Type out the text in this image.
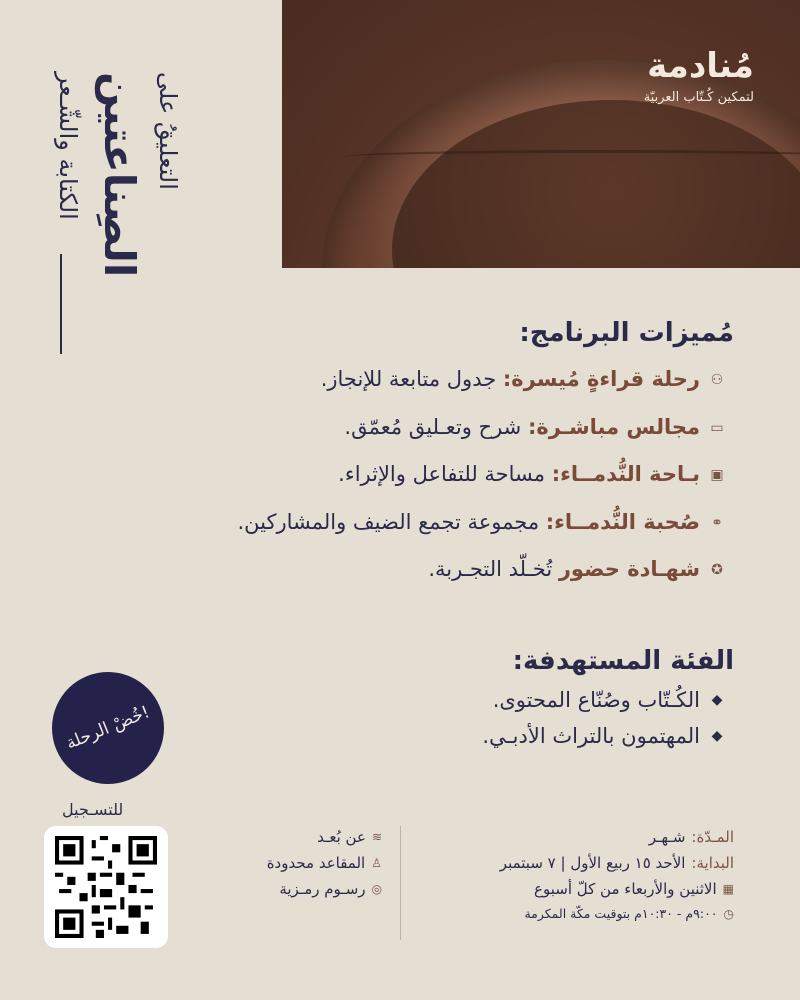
مُنادمة
لتمكين كُـتّاب العربيّة
التعليقُ على
الصِناعتين
الكتابة والشّـعر
مُميزات البرنامج:
⚇
رحلة قراءةٍ مُيسرة: جدول متابعة للإنجاز.
▭
مجالس مباشـرة: شرح وتعـليق مُعمّق.
▣
بـاحة النُّدمــاء: مساحة للتفاعل والإثراء.
⚭
صُحبة النُّدمــاء: مجموعة تجمع الضيف والمشاركين.
✪
شهـادة حضور تُخـلّد التجـربة.
الفئة المستهدفة:
◆
الكُـتّاب وصُنّاع المحتوى.
◆
المهتمون بالتراث الأدبـي.
خُضْ الرحلة!
للتسـجيل
المـدّة:
شـهـر
البداية:
الأحد ١٥ ربيع الأول | ٧ سبتمبر
▦
الاثنين والأربعاء من كلّ أسبوع
◷
٩:٠٠م - ١٠:٣٠م بتوقيت مكّة المكرمة
≋
عن بُعـد
♙
المقاعد محدودة
◎
رسـوم رمـزية
